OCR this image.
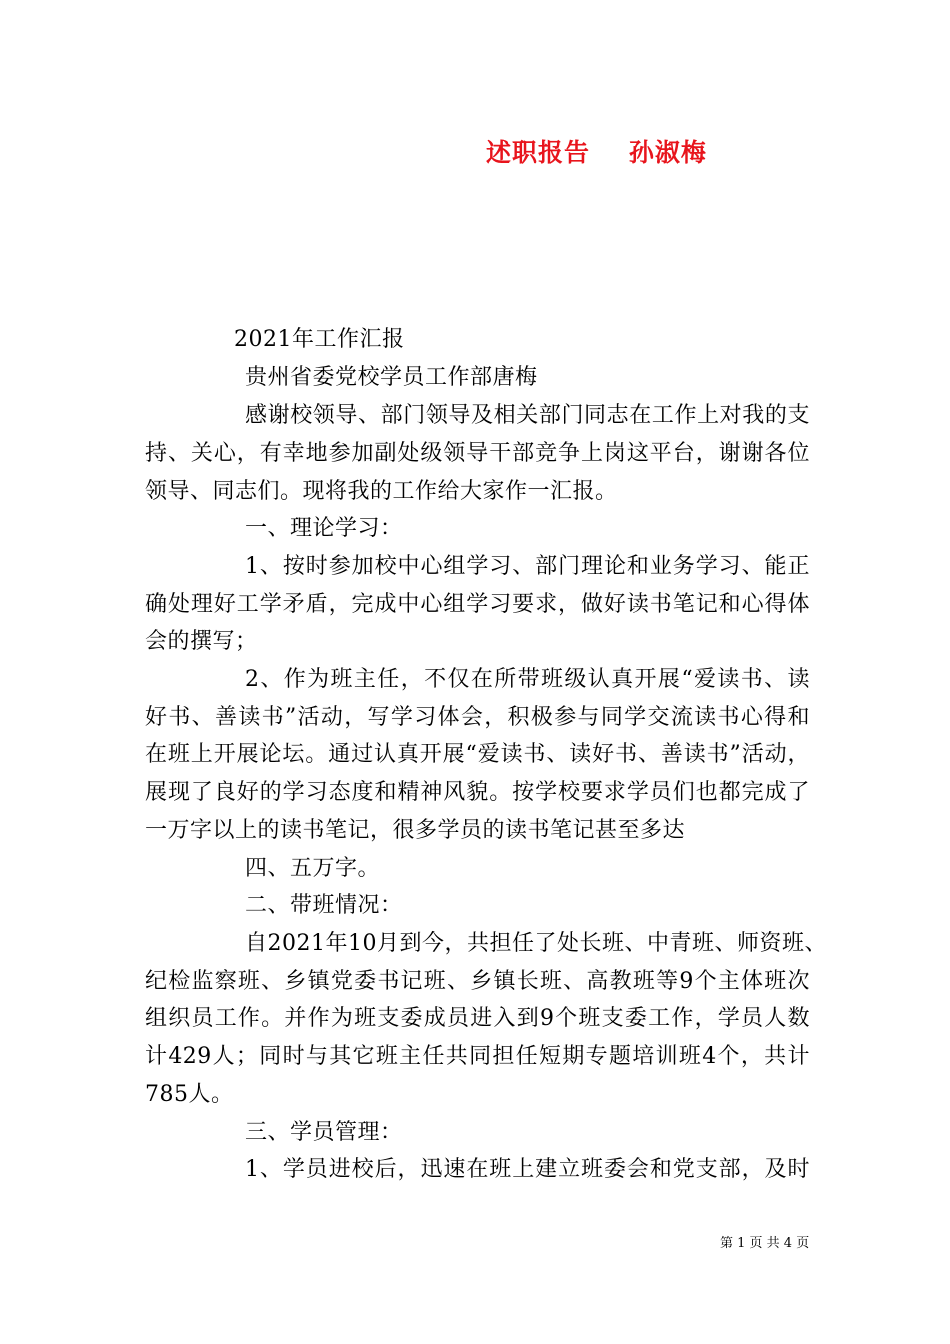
述职报告    孙淑梅
2021年工作汇报
贵州省委党校学员工作部唐梅
感谢校领导、部门领导及相关部门同志在工作上对我的支
持、关心，有幸地参加副处级领导干部竞争上岗这平台，谢谢各位
领导、同志们。现将我的工作给大家作一汇报。
一、理论学习：
1、按时参加校中心组学习、部门理论和业务学习、能正
确处理好工学矛盾，完成中心组学习要求，做好读书笔记和心得体
会的撰写；
2、作为班主任，不仅在所带班级认真开展“爱读书、读
好书、善读书”活动，写学习体会，积极参与同学交流读书心得和
在班上开展论坛。通过认真开展“爱读书、读好书、善读书”活动，
展现了良好的学习态度和精神风貌。按学校要求学员们也都完成了
一万字以上的读书笔记，很多学员的读书笔记甚至多达
四、五万字。
二、带班情况：
自2021年10月到今，共担任了处长班、中青班、师资班、
纪检监察班、乡镇党委书记班、乡镇长班、高教班等9个主体班次
组织员工作。并作为班支委成员进入到9个班支委工作，学员人数
计429人；同时与其它班主任共同担任短期专题培训班4个，共计
785人。
三、学员管理：
1、学员进校后，迅速在班上建立班委会和党支部，及时
第 1 页 共 4 页
